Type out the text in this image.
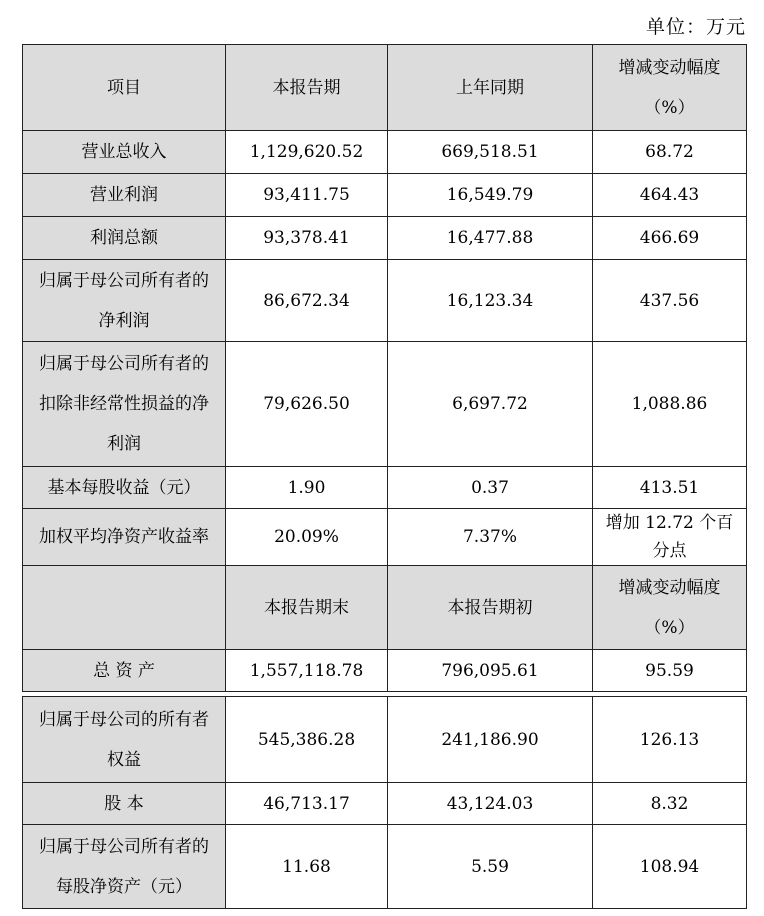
单位：万元
项目	本报告期	上年同期	增减变动幅度
（%）

营业总收入	1,129,620.52	669,518.51	68.72
营业利润	93,411.75	16,549.79	464.43
利润总额	93,378.41	16,477.88	466.69

归属于母公司所有者的
净利润	86,672.34	16,123.34	437.56

归属于母公司所有者的
扣除非经常性损益的净
利润	79,626.50	6,697.72	1,088.86
基本每股收益（元）	1.90	0.37	413.51
加权平均净资产收益率	20.09%	7.37%	增加 12.72 个百
分点

	本报告期末	本报告期初	增减变动幅度
（%）

总 资 产	1,557,118.78	796,095.61	95.59
归属于母公司的所有者
权益	545,386.28	241,186.90	126.13
股 本	46,713.17	43,124.03	8.32

归属于母公司所有者的
每股净资产（元）	11.68	5.59	108.94
